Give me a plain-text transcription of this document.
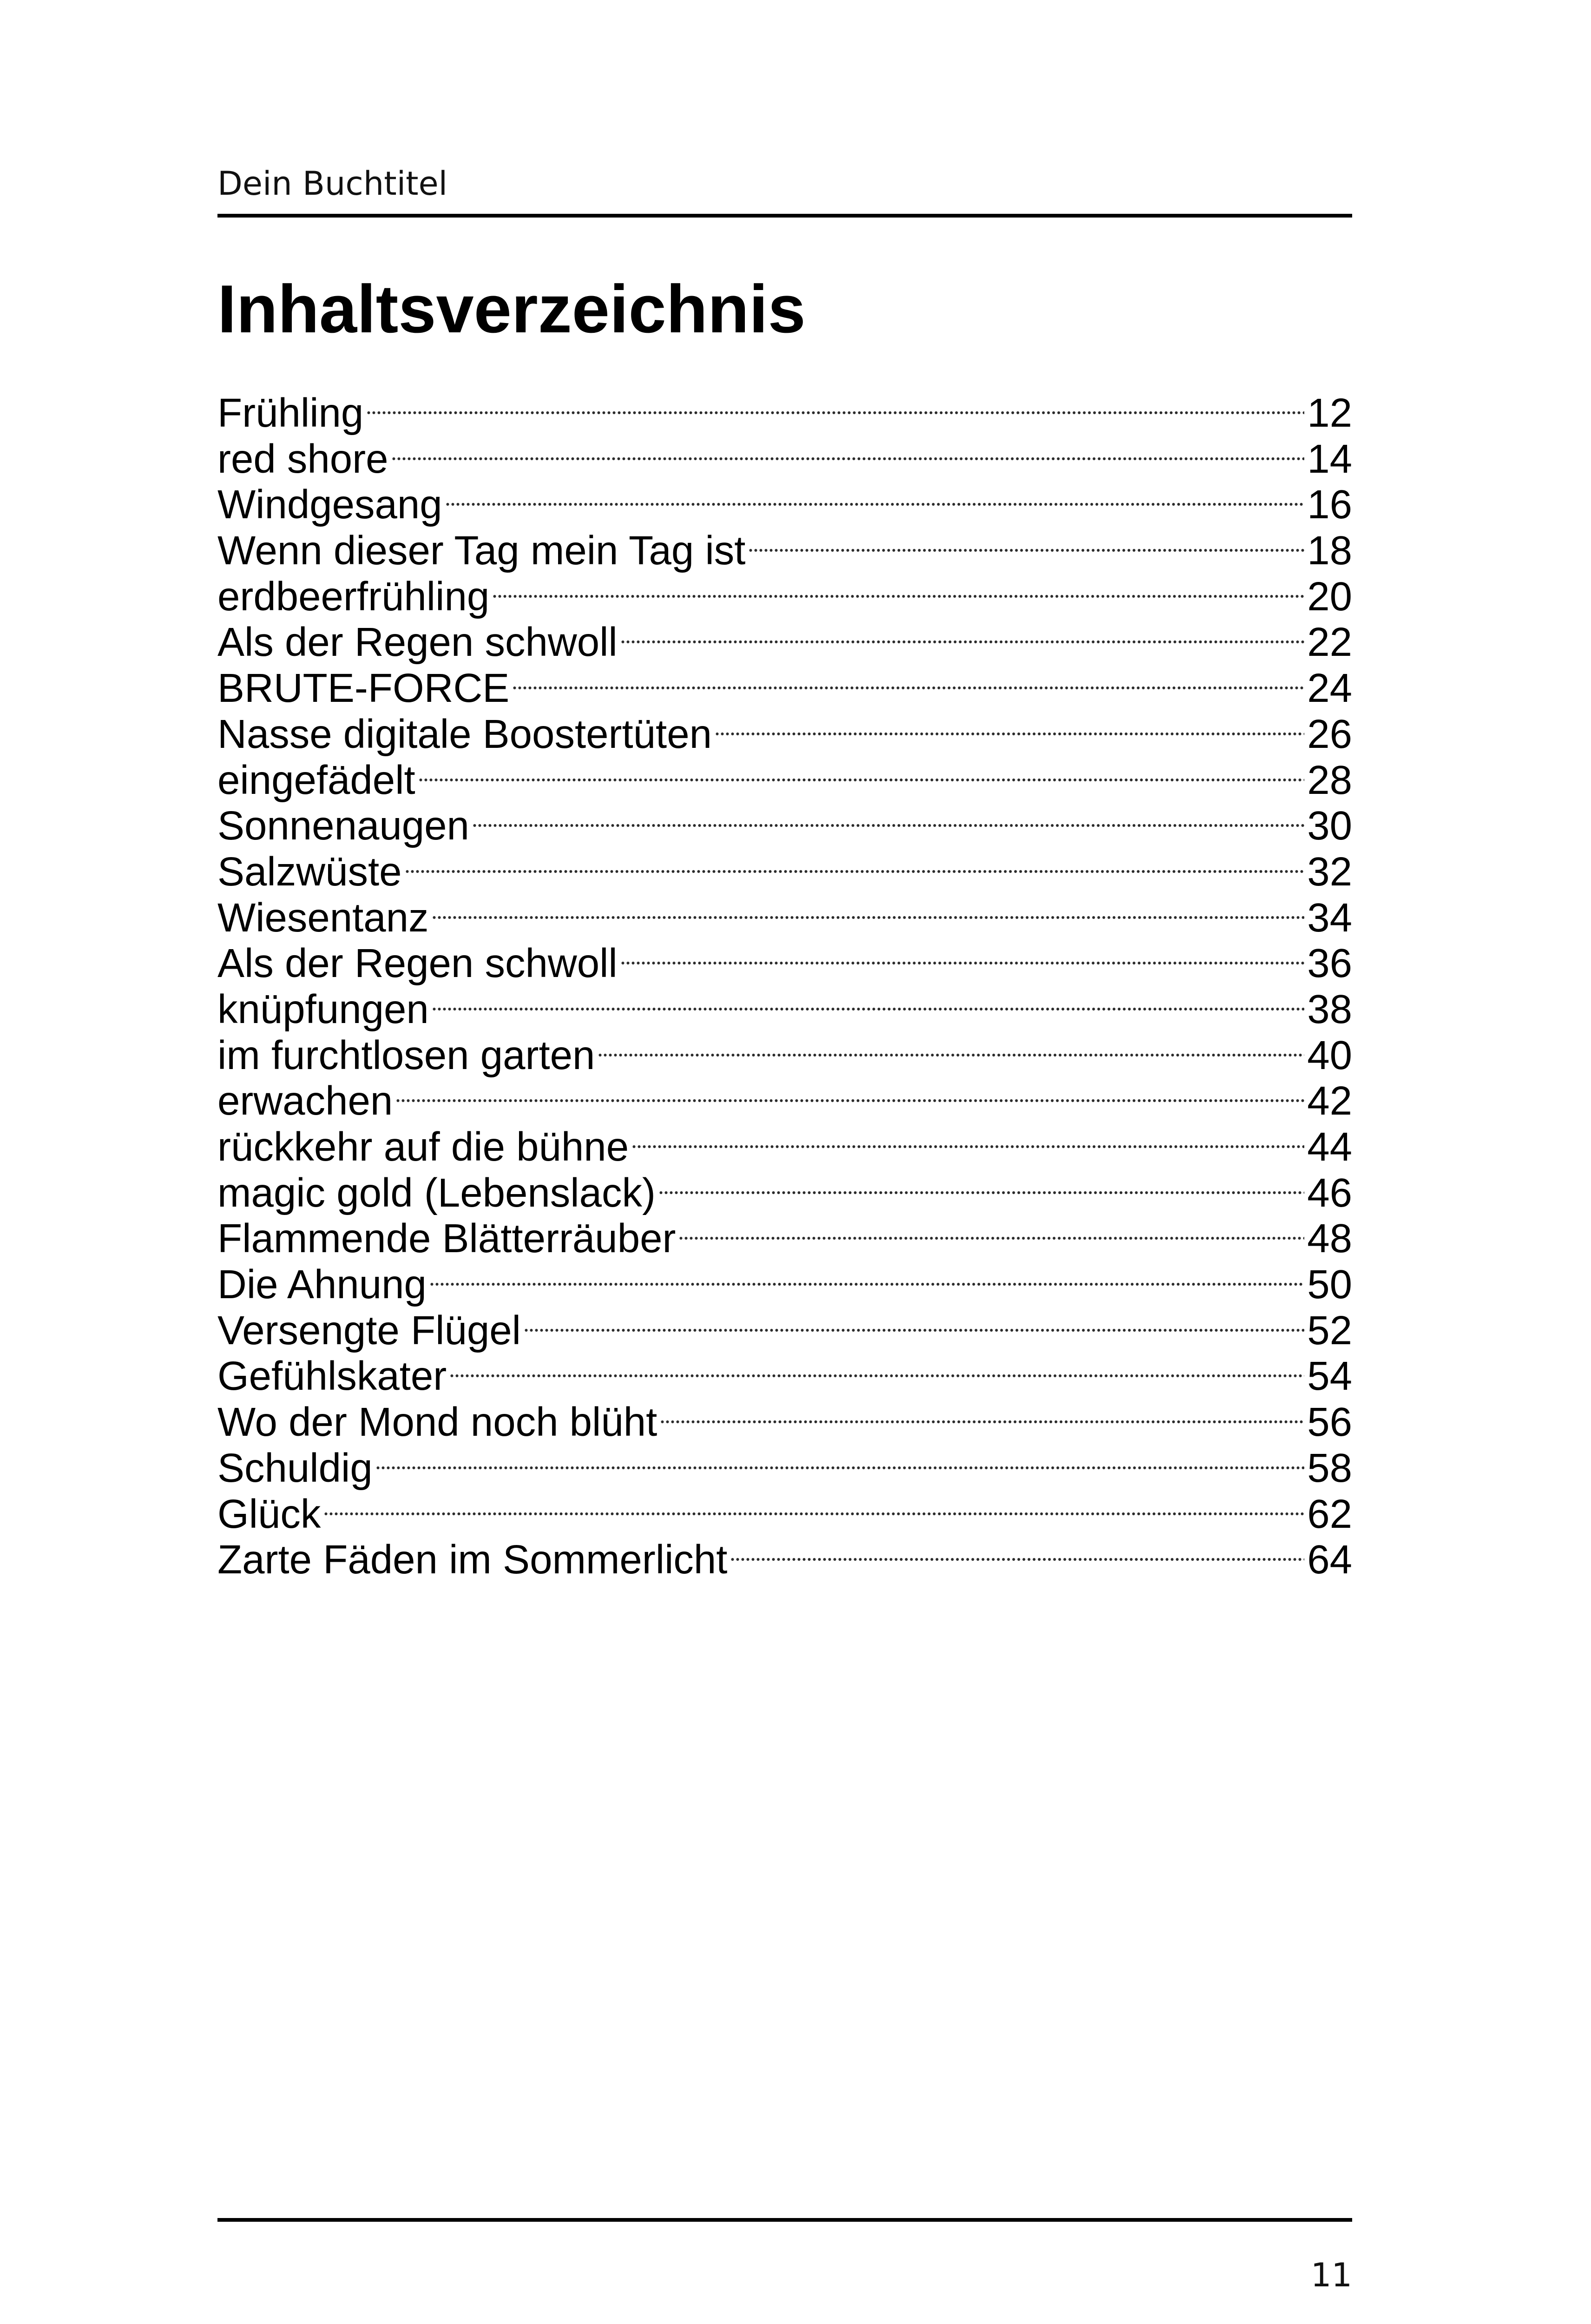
Dein Buchtitel
Inhaltsverzeichnis
Frühling	12
red shore	14
Windgesang	16
Wenn dieser Tag mein Tag ist	18
erdbeerfrühling	20
Als der Regen schwoll	22
BRUTE-FORCE	24
Nasse digitale Boostertüten	26
eingefädelt	28
Sonnenaugen	30
Salzwüste	32
Wiesentanz	34
Als der Regen schwoll	36
knüpfungen	38
im furchtlosen garten	40
erwachen	42
rückkehr auf die bühne	44
magic gold (Lebenslack)	46
Flammende Blätterräuber	48
Die Ahnung	50
Versengte Flügel	52
Gefühlskater	54
Wo der Mond noch blüht	56
Schuldig	58
Glück	62
Zarte Fäden im Sommerlicht	64
11
